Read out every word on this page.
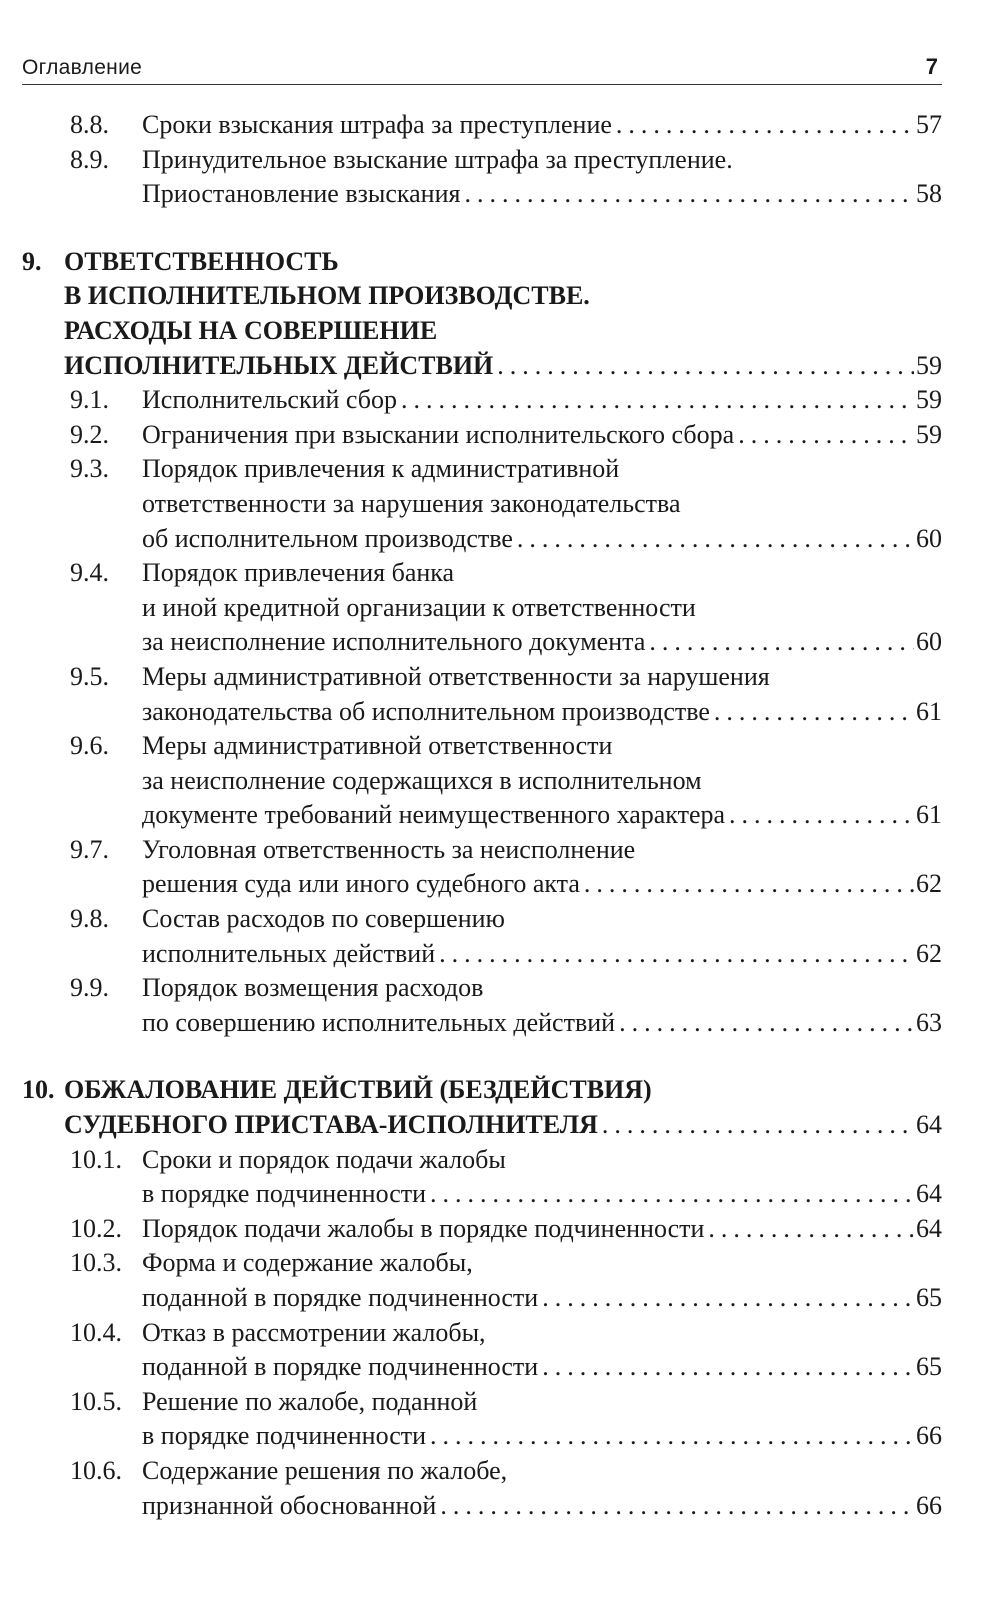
Оглавление	7
8.8. Сроки взыскания штрафа за преступление .....	57
8.9. Принудительное взыскание штрафа за преступление.
Приостановление взыскания .....	58
9. ОТВЕТСТВЕННОСТЬ
В ИСПОЛНИТЕЛЬНОМ ПРОИЗВОДСТВЕ.
РАСХОДЫ НА СОВЕРШЕНИЕ
ИСПОЛНИТЕЛЬНЫХ ДЕЙСТВИЙ .....	59
9.1. Исполнительский сбор .....	59
9.2. Ограничения при взыскании исполнительского сбора .....	59
9.3. Порядок привлечения к административной
ответственности за нарушения законодательства
об исполнительном производстве .....	60
9.4. Порядок привлечения банка
и иной кредитной организации к ответственности
за неисполнение исполнительного документа .....	60
9.5. Меры административной ответственности за нарушения
законодательства об исполнительном производстве .....	61
9.6. Меры административной ответственности
за неисполнение содержащихся в исполнительном
документе требований неимущественного характера .....	61
9.7. Уголовная ответственность за неисполнение
решения суда или иного судебного акта .....	62
9.8. Состав расходов по совершению
исполнительных действий .....	62
9.9. Порядок возмещения расходов
по совершению исполнительных действий .....	63
10. ОБЖАЛОВАНИЕ ДЕЙСТВИЙ (БЕЗДЕЙСТВИЯ)
СУДЕБНОГО ПРИСТАВА-ИСПОЛНИТЕЛЯ .....	64
10.1. Сроки и порядок подачи жалобы
в порядке подчиненности .....	64
10.2. Порядок подачи жалобы в порядке подчиненности .....	64
10.3. Форма и содержание жалобы,
поданной в порядке подчиненности .....	65
10.4. Отказ в рассмотрении жалобы,
поданной в порядке подчиненности .....	65
10.5. Решение по жалобе, поданной
в порядке подчиненности .....	66
10.6. Содержание решения по жалобе,
признанной обоснованной .....	66
